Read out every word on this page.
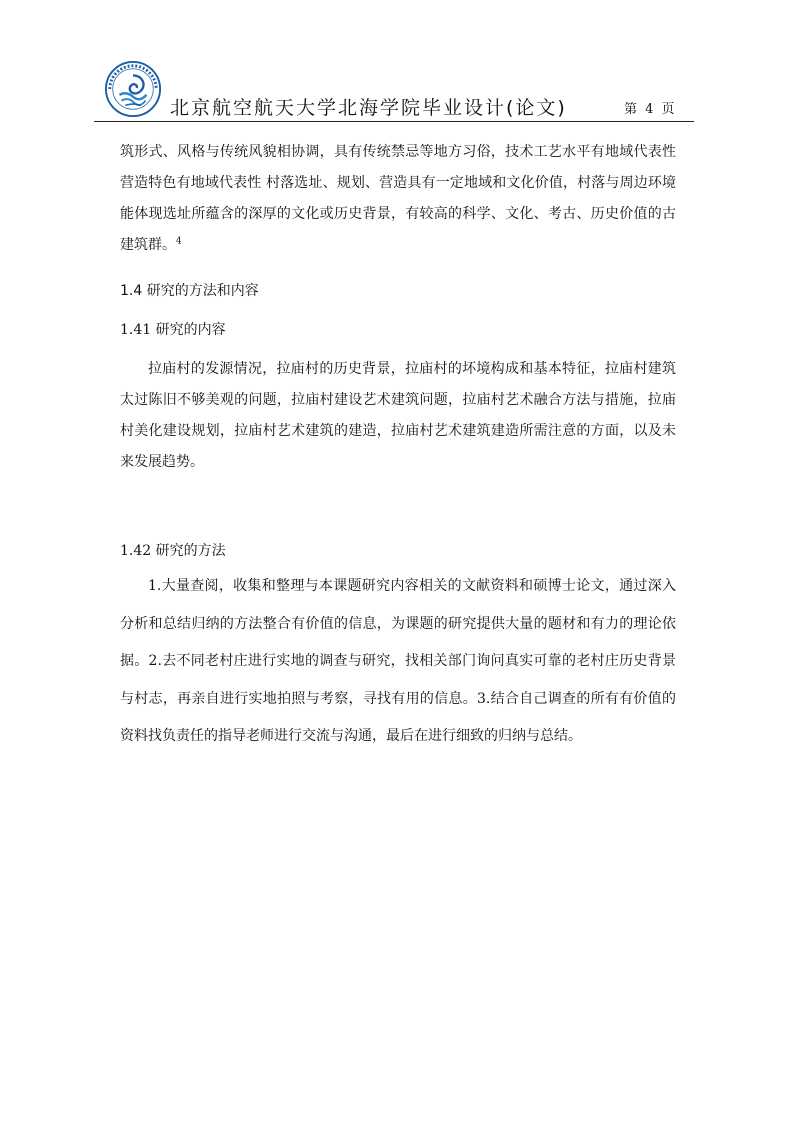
北京航空航天大学北海学院毕业设计(论文)	第 4 页

筑形式、风格与传统风貌相协调，具有传统禁忌等地方习俗，技术工艺水平有地域代表性 营造特色有地域代表性 村落选址、规划、营造具有一定地域和文化价值，村落与周边环境能体现选址所蕴含的深厚的文化或历史背景，有较高的科学、文化、考古、历史价值的古建筑群。$^4$

1.4 研究的方法和内容
1.41 研究的内容

拉庙村的发源情况，拉庙村的历史背景，拉庙村的坏境构成和基本特征，拉庙村建筑太过陈旧不够美观的问题，拉庙村建设艺术建筑问题，拉庙村艺术融合方法与措施，拉庙村美化建设规划，拉庙村艺术建筑的建造，拉庙村艺术建筑建造所需注意的方面，以及未来发展趋势。

1.42 研究的方法

1.大量查阅，收集和整理与本课题研究内容相关的文献资料和硕博士论文，通过深入分析和总结归纳的方法整合有价值的信息，为课题的研究提供大量的题材和有力的理论依据。2.去不同老村庄进行实地的调查与研究，找相关部门询问真实可靠的老村庄历史背景与村志，再亲自进行实地拍照与考察，寻找有用的信息。3.结合自己调查的所有有价值的资料找负责任的指导老师进行交流与沟通，最后在进行细致的归纳与总结。
